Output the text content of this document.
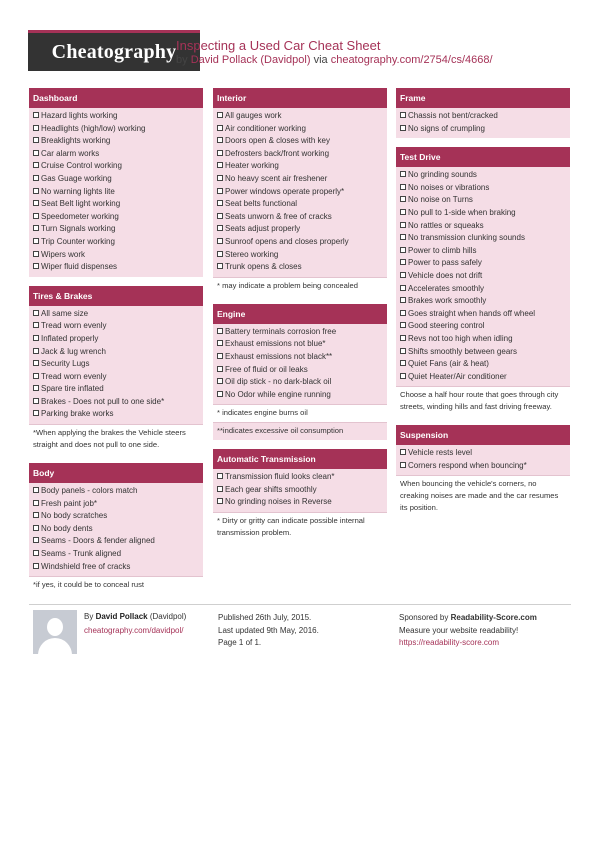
Cheatography Inspecting a Used Car Cheat Sheet
by David Pollack (Davidpol) via cheatography.com/2754/cs/4668/
Dashboard
Hazard lights working
Headlights (high/low) working
Breaklights working
Car alarm works
Cruise Control working
Gas Guage working
No warning lights lite
Seat Belt light working
Speedometer working
Turn Signals working
Trip Counter working
Wipers work
Wiper fluid dispenses
Tires & Brakes
All same size
Tread worn evenly
Inflated properly
Jack & lug wrench
Security Lugs
Tread worn evenly
Spare tire inflated
Brakes - Does not pull to one side*
Parking brake works
*When applying the brakes the Vehicle steers straight and does not pull to one side.
Body
Body panels - colors match
Fresh paint job*
No body scratches
No body dents
Seams - Doors & fender aligned
Seams - Trunk aligned
Windshield free of cracks
*if yes, it could be to conceal rust
Interior
All gauges work
Air conditioner working
Doors open & closes with key
Defrosters back/front working
Heater working
No heavy scent air freshener
Power windows operate properly*
Seat belts functional
Seats unworn & free of cracks
Seats adjust properly
Sunroof opens and closes properly
Stereo working
Trunk opens & closes
* may indicate a problem being concealed
Engine
Battery terminals corrosion free
Exhaust emissions not blue*
Exhaust emissions not black**
Free of fluid or oil leaks
Oil dip stick - no dark-black oil
No Odor while engine running
* indicates engine burns oil
**indicates excessive oil consumption
Automatic Transmission
Transmission fluid looks clean*
Each gear shifts smoothly
No grinding noises in Reverse
* Dirty or gritty can indicate possible internal transmission problem.
Frame
Chassis not bent/cracked
No signs of crumpling
Test Drive
No grinding sounds
No noises or vibrations
No noise on Turns
No pull to 1-side when braking
No rattles or squeaks
No transmission clunking sounds
Power to climb hills
Power to pass safely
Vehicle does not drift
Accelerates smoothly
Brakes work smoothly
Goes straight when hands off wheel
Good steering control
Revs not too high when idling
Shifts smoothly between gears
Quiet Fans (air & heat)
Quiet Heater/Air conditioner
Choose a half hour route that goes through city streets, winding hills and fast driving freeway.
Suspension
Vehicle rests level
Corners respond when bouncing*
When bouncing the vehicle's corners, no creaking noises are made and the car resumes its position.
By David Pollack (Davidpol)
cheatography.com/davidpol/
Published 26th July, 2015.
Last updated 9th May, 2016.
Page 1 of 1.
Sponsored by Readability-Score.com
Measure your website readability!
https://readability-score.com
